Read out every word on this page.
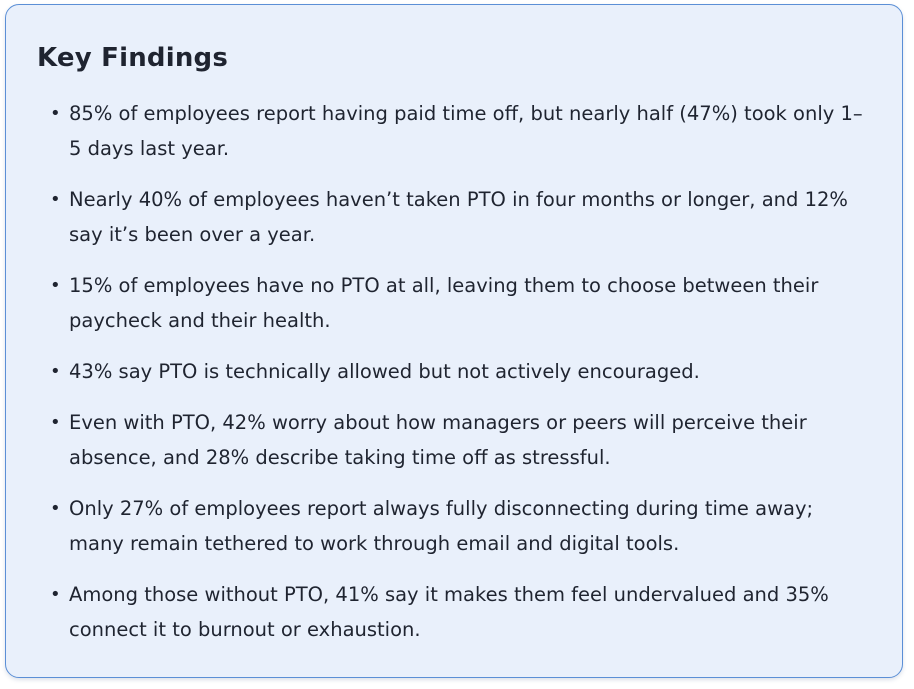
Key Findings
• 85% of employees report having paid time off, but nearly half (47%) took only 1–5 days last year.
• Nearly 40% of employees haven’t taken PTO in four months or longer, and 12% say it’s been over a year.
• 15% of employees have no PTO at all, leaving them to choose between their paycheck and their health.
• 43% say PTO is technically allowed but not actively encouraged.
• Even with PTO, 42% worry about how managers or peers will perceive their absence, and 28% describe taking time off as stressful.
• Only 27% of employees report always fully disconnecting during time away; many remain tethered to work through email and digital tools.
• Among those without PTO, 41% say it makes them feel undervalued and 35% connect it to burnout or exhaustion.
